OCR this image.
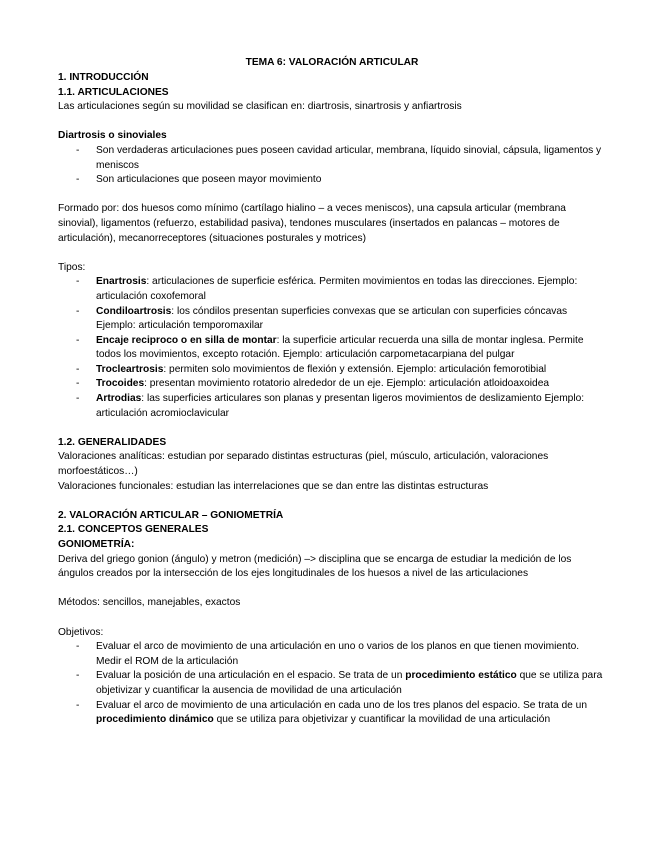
TEMA 6: VALORACIÓN ARTICULAR

1. INTRODUCCIÓN

1.1. ARTICULACIONES

Las articulaciones según su movilidad se clasifican en: diartrosis, sinartrosis y anfiartrosis

Diartrosis o sinoviales

- Son verdaderas articulaciones pues poseen cavidad articular, membrana, líquido sinovial, cápsula, ligamentos y meniscos
- Son articulaciones que poseen mayor movimiento

Formado por: dos huesos como mínimo (cartílago hialino – a veces meniscos), una capsula articular (membrana sinovial), ligamentos (refuerzo, estabilidad pasiva), tendones musculares (insertados en palancas – motores de articulación), mecanorreceptores (situaciones posturales y motrices)

Tipos:

- Enartrosis: articulaciones de superficie esférica. Permiten movimientos en todas las direcciones. Ejemplo: articulación coxofemoral
- Condiloartrosis: los cóndilos presentan superficies convexas que se articulan con superficies cóncavas Ejemplo: articulación temporomaxilar
- Encaje reciproco o en silla de montar: la superficie articular recuerda una silla de montar inglesa. Permite todos los movimientos, excepto rotación. Ejemplo: articulación carpometacarpiana del pulgar
- Trocleartrosis: permiten solo movimientos de flexión y extensión. Ejemplo: articulación femorotibial
- Trocoides: presentan movimiento rotatorio alrededor de un eje. Ejemplo: articulación atloidoaxoidea
- Artrodias: las superficies articulares son planas y presentan ligeros movimientos de deslizamiento Ejemplo: articulación acromioclavicular

1.2. GENERALIDADES

Valoraciones analíticas: estudian por separado distintas estructuras (piel, músculo, articulación, valoraciones morfoestáticos…)

Valoraciones funcionales: estudian las interrelaciones que se dan entre las distintas estructuras

2. VALORACIÓN ARTICULAR – GONIOMETRÍA

2.1. CONCEPTOS GENERALES

GONIOMETRÍA:

Deriva del griego gonion (ángulo) y metron (medición) –> disciplina que se encarga de estudiar la medición de los ángulos creados por la intersección de los ejes longitudinales de los huesos a nivel de las articulaciones

Métodos: sencillos, manejables, exactos

Objetivos:

- Evaluar el arco de movimiento de una articulación en uno o varios de los planos en que tienen movimiento. Medir el ROM de la articulación
- Evaluar la posición de una articulación en el espacio. Se trata de un procedimiento estático que se utiliza para objetivizar y cuantificar la ausencia de movilidad de una articulación
- Evaluar el arco de movimiento de una articulación en cada uno de los tres planos del espacio. Se trata de un procedimiento dinámico que se utiliza para objetivizar y cuantificar la movilidad de una articulación
